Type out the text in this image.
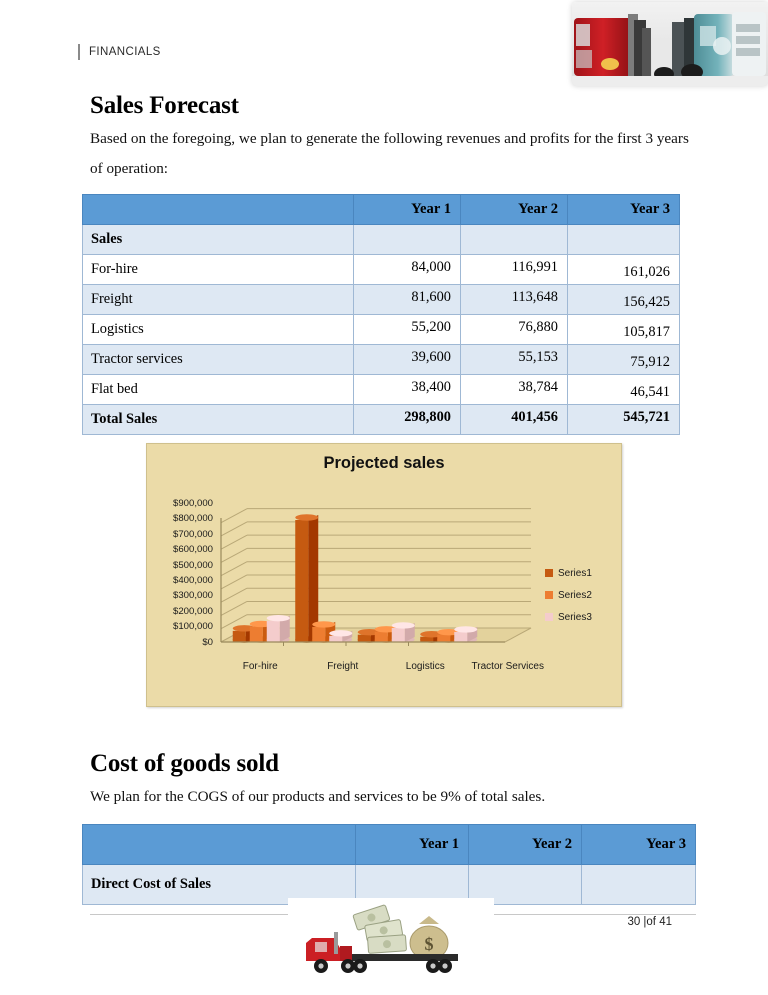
FINANCIALS
Sales Forecast
Based on the foregoing, we plan to generate the following revenues and profits for the first 3 years of operation:
	Year 1	Year 2	Year 3
Sales			
For-hire	84,000	116,991	161,026
Freight	81,600	113,648	156,425
Logistics	55,200	76,880	105,817
Tractor services	39,600	55,153	75,912
Flat bed	38,400	38,784	46,541
Total Sales	298,800	401,456	545,721
Projected sales
$900,000
$800,000
$700,000
$600,000
$500,000
$400,000
$300,000
$200,000
$100,000
$0
For-hire	Freight	Logistics	Tractor Services
Series1
Series2
Series3
Cost of goods sold
We plan for the COGS of our products and services to be 9% of total sales.
	Year 1	Year 2	Year 3
Direct Cost of Sales			
$
30 |of 41
